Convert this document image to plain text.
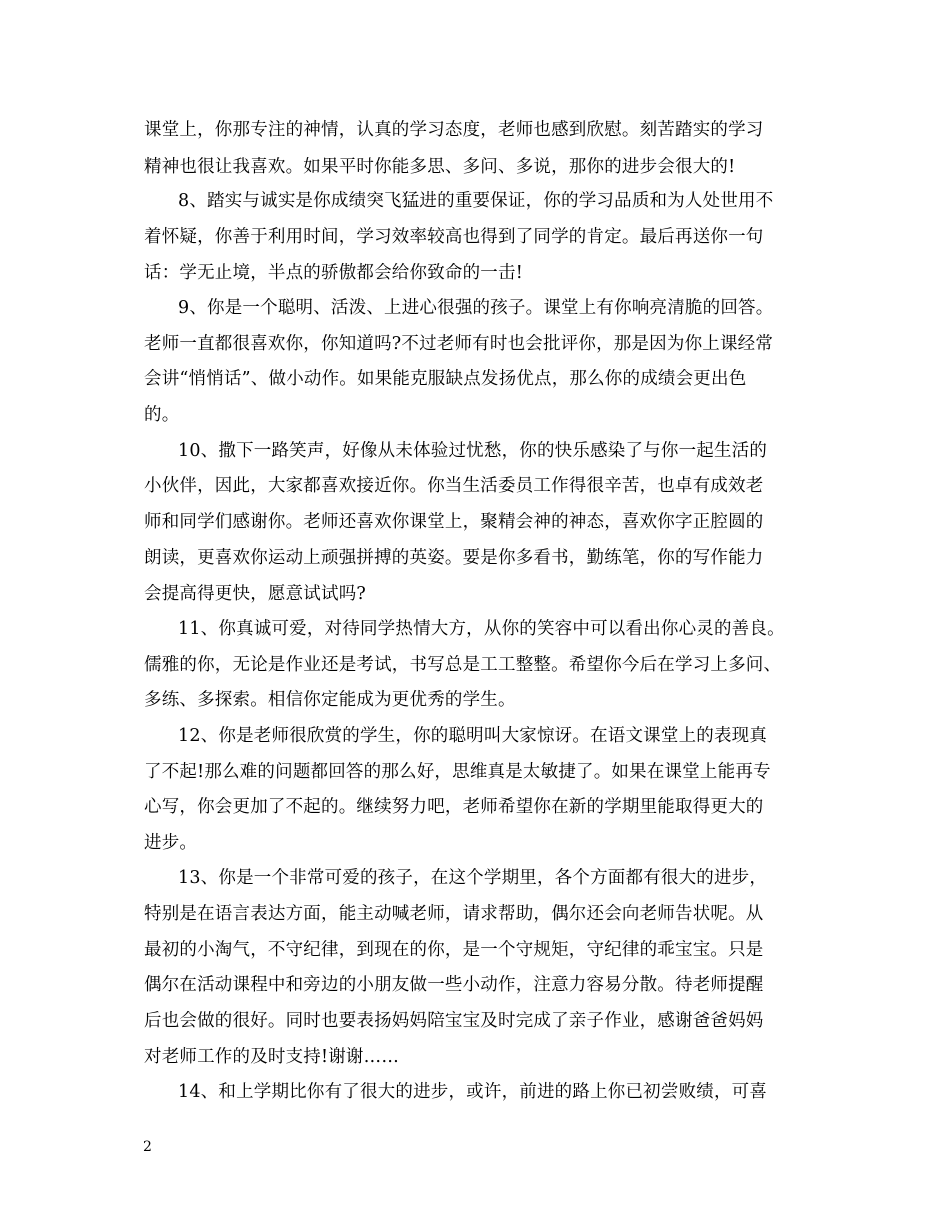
课堂上，你那专注的神情，认真的学习态度，老师也感到欣慰。刻苦踏实的学习
精神也很让我喜欢。如果平时你能多思、多问、多说，那你的进步会很大的!
8、踏实与诚实是你成绩突飞猛进的重要保证，你的学习品质和为人处世用不
着怀疑，你善于利用时间，学习效率较高也得到了同学的肯定。最后再送你一句
话：学无止境，半点的骄傲都会给你致命的一击!
9、你是一个聪明、活泼、上进心很强的孩子。课堂上有你响亮清脆的回答。
老师一直都很喜欢你，你知道吗?不过老师有时也会批评你，那是因为你上课经常
会讲“悄悄话”、做小动作。如果能克服缺点发扬优点，那么你的成绩会更出色
的。
10、撒下一路笑声，好像从未体验过忧愁，你的快乐感染了与你一起生活的
小伙伴，因此，大家都喜欢接近你。你当生活委员工作得很辛苦，也卓有成效老
师和同学们感谢你。老师还喜欢你课堂上，聚精会神的神态，喜欢你字正腔圆的
朗读，更喜欢你运动上顽强拼搏的英姿。要是你多看书，勤练笔，你的写作能力
会提高得更快，愿意试试吗?
11、你真诚可爱，对待同学热情大方，从你的笑容中可以看出你心灵的善良。
儒雅的你，无论是作业还是考试，书写总是工工整整。希望你今后在学习上多问、
多练、多探索。相信你定能成为更优秀的学生。
12、你是老师很欣赏的学生，你的聪明叫大家惊讶。在语文课堂上的表现真
了不起!那么难的问题都回答的那么好，思维真是太敏捷了。如果在课堂上能再专
心写，你会更加了不起的。继续努力吧，老师希望你在新的学期里能取得更大的
进步。
13、你是一个非常可爱的孩子，在这个学期里，各个方面都有很大的进步，
特别是在语言表达方面，能主动喊老师，请求帮助，偶尔还会向老师告状呢。从
最初的小淘气，不守纪律，到现在的你，是一个守规矩，守纪律的乖宝宝。只是
偶尔在活动课程中和旁边的小朋友做一些小动作，注意力容易分散。待老师提醒
后也会做的很好。同时也要表扬妈妈陪宝宝及时完成了亲子作业，感谢爸爸妈妈
对老师工作的及时支持!谢谢……
14、和上学期比你有了很大的进步，或许，前进的路上你已初尝败绩，可喜
2
